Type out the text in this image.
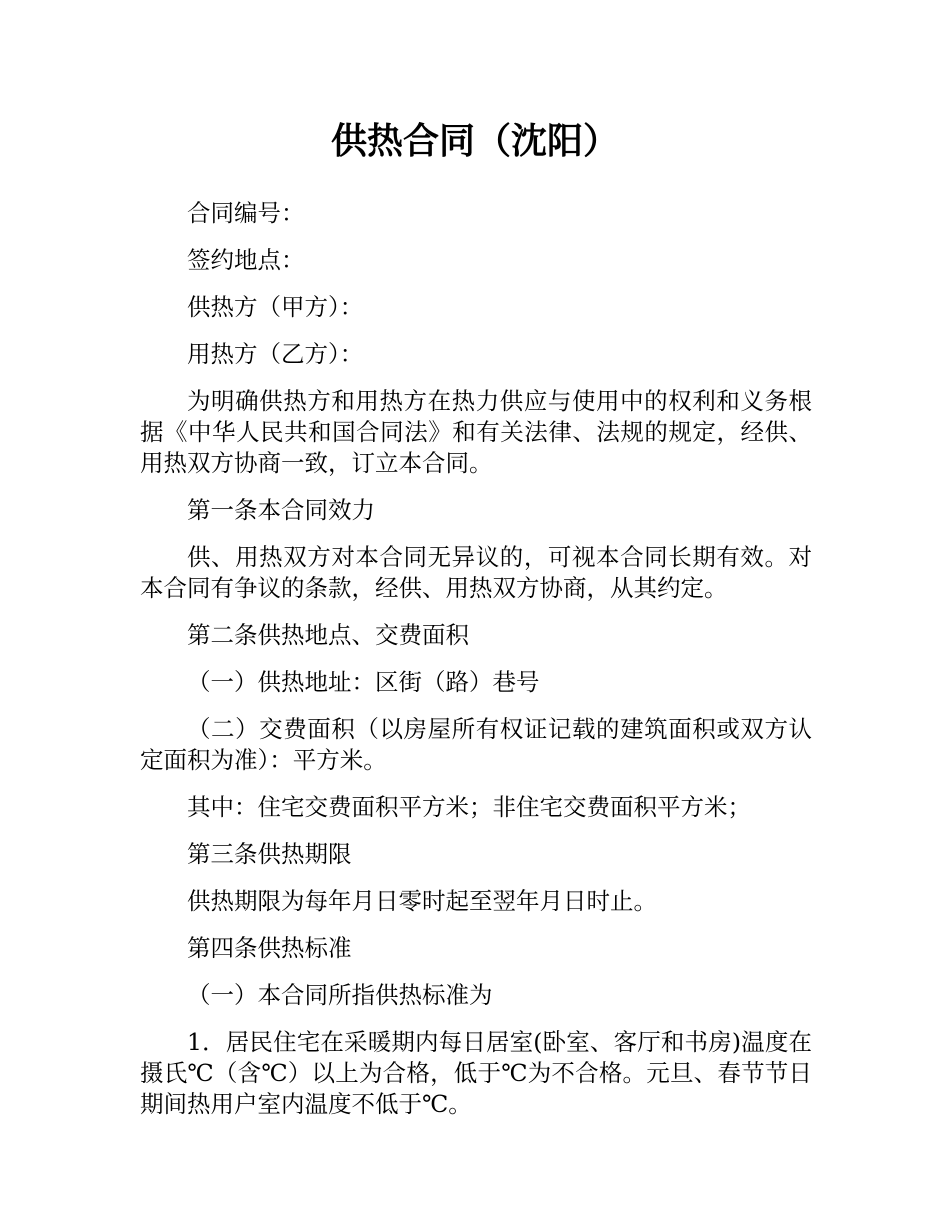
供热合同（沈阳）

合同编号：

签约地点：

供热方（甲方）：

用热方（乙方）：

为明确供热方和用热方在热力供应与使用中的权利和义务根据《中华人民共和国合同法》和有关法律、法规的规定，经供、用热双方协商一致，订立本合同。

第一条本合同效力

供、用热双方对本合同无异议的，可视本合同长期有效。对本合同有争议的条款，经供、用热双方协商，从其约定。

第二条供热地点、交费面积

（一）供热地址：区街（路）巷号

（二）交费面积（以房屋所有权证记载的建筑面积或双方认定面积为准）：平方米。

其中：住宅交费面积平方米；非住宅交费面积平方米；

第三条供热期限

供热期限为每年月日零时起至翌年月日时止。

第四条供热标准

（一）本合同所指供热标准为

1．居民住宅在采暖期内每日居室(卧室、客厅和书房)温度在摄氏℃（含℃）以上为合格，低于℃为不合格。元旦、春节节日期间热用户室内温度不低于℃。
